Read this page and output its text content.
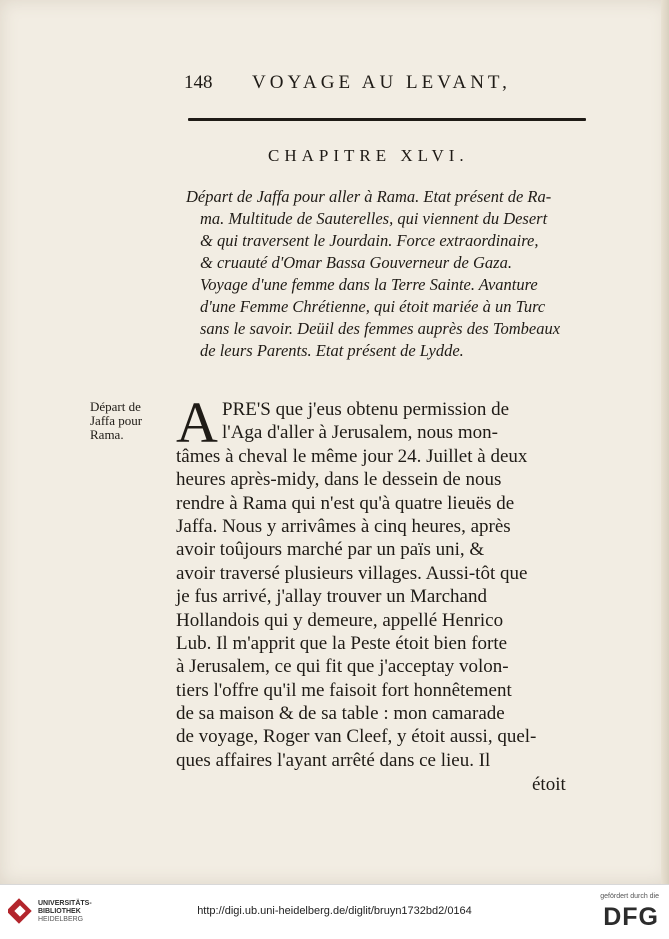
148 VOYAGE AU LEVANT,
CHAPITRE XLVI.
Départ de Jaffa pour aller à Rama. Etat présent de Ra-
ma. Multitude de Sauterelles, qui viennent du Desert
& qui traversent le Jourdain. Force extraordinaire,
& cruauté d'Omar Bassa Gouverneur de Gaza.
Voyage d'une femme dans la Terre Sainte. Avanture
d'une Femme Chrétienne, qui étoit mariée à un Turc
sans le savoir. Deüil des femmes auprès des Tombeaux
de leurs Parents. Etat présent de Lydde.
Départ de
Jaffa pour
Rama. A PRE'S que j'eus obtenu permission de
l'Aga d'aller à Jerusalem, nous mon-
tâmes à cheval le même jour 24. Juillet à deux
heures après-midy, dans le dessein de nous
rendre à Rama qui n'est qu'à quatre lieuës de
Jaffa. Nous y arrivâmes à cinq heures, après
avoir toûjours marché par un païs uni, &
avoir traversé plusieurs villages. Aussi-tôt que
je fus arrivé, j'allay trouver un Marchand
Hollandois qui y demeure, appellé Henrico
Lub. Il m'apprit que la Peste étoit bien forte
à Jerusalem, ce qui fit que j'acceptay volon-
tiers l'offre qu'il me faisoit fort honnêtement
de sa maison & de sa table : mon camarade
de voyage, Roger van Cleef, y étoit aussi, quel-
ques affaires l'ayant arrêté dans ce lieu. Il
étoit
UNIVERSITÄTS-
BIBLIOTHEK
HEIDELBERG
http://digi.ub.uni-heidelberg.de/diglit/bruyn1732bd2/0164
gefördert durch die
DFG
